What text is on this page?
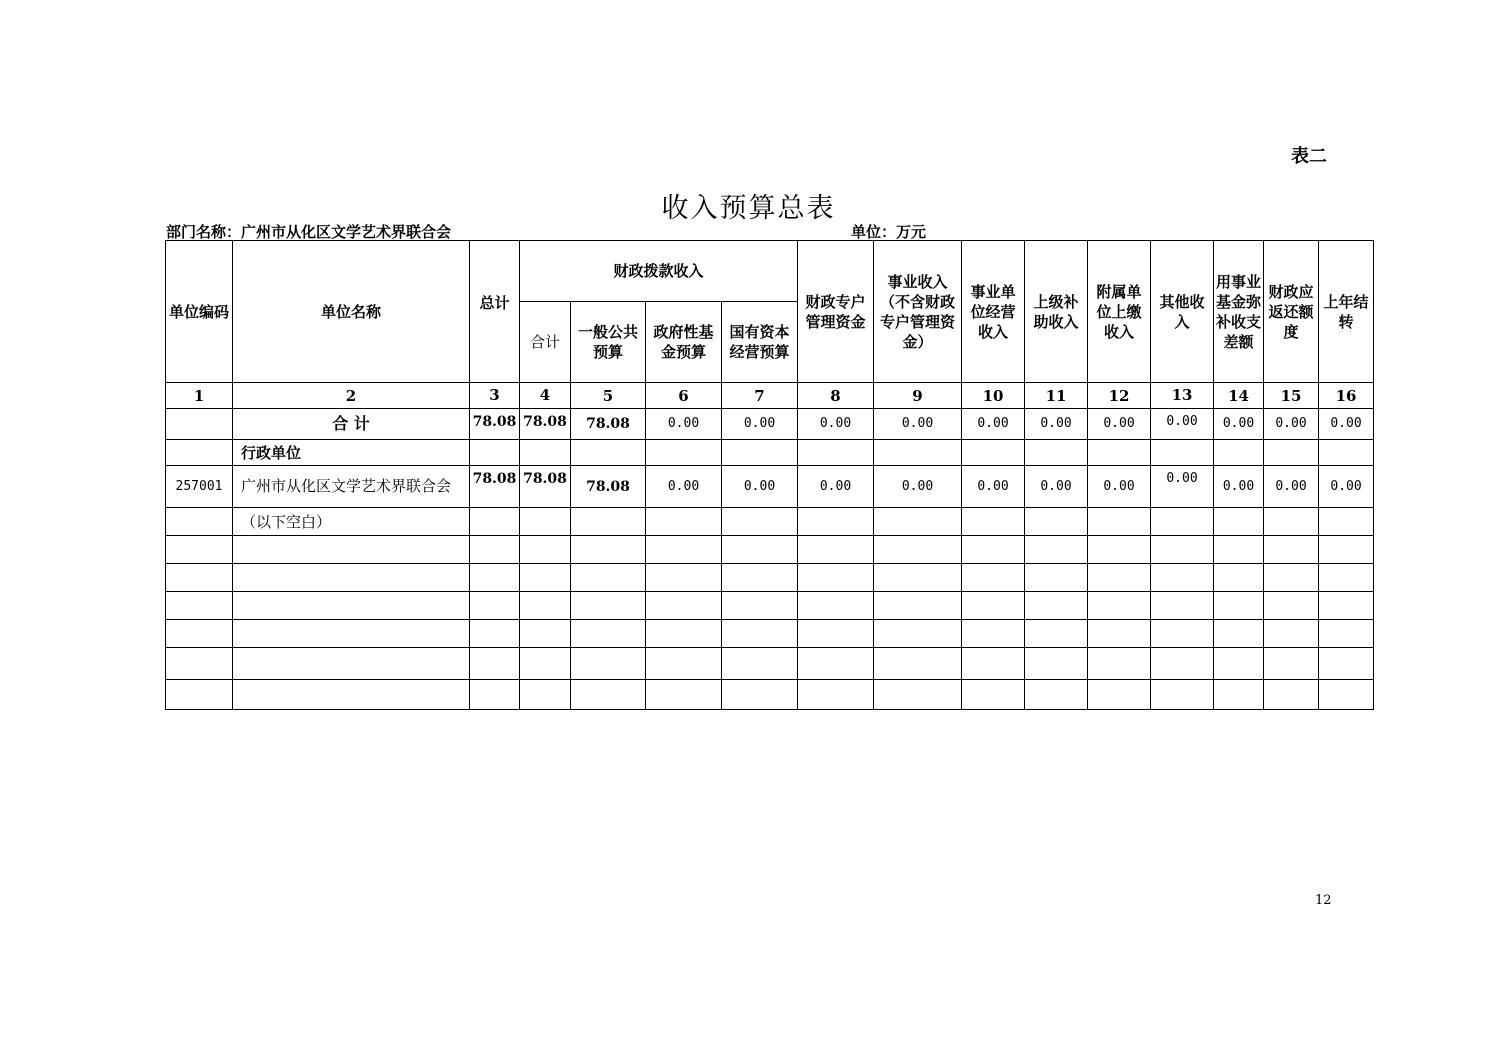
表二
收入预算总表
部门名称：广州市从化区文学艺术界联合会	单位：万元
单位编码	单位名称	总计	财政拨款收入				财政专户 管理资金	事业收入（不含财政专户管理资金）	事业单位经营收入	上级补助收入	附属单位上缴收入	其他收入	用事业基金弥补收支差额	财政应返还额度	上年结转
			合计	一般公共预算	政府性基金预算	国有资本经营预算									
1	2	3	4	5	6	7	8	9	10	11	12	13	14	15	16
	合 计	78.08	78.08	78.08	0.00	0.00	0.00	0.00	0.00	0.00	0.00	0.00	0.00	0.00	0.00
	行政单位														
257001	广州市从化区文学艺术界联合会	78.08	78.08	78.08	0.00	0.00	0.00	0.00	0.00	0.00	0.00	0.00	0.00	0.00	0.00
	（以下空白）														

12
